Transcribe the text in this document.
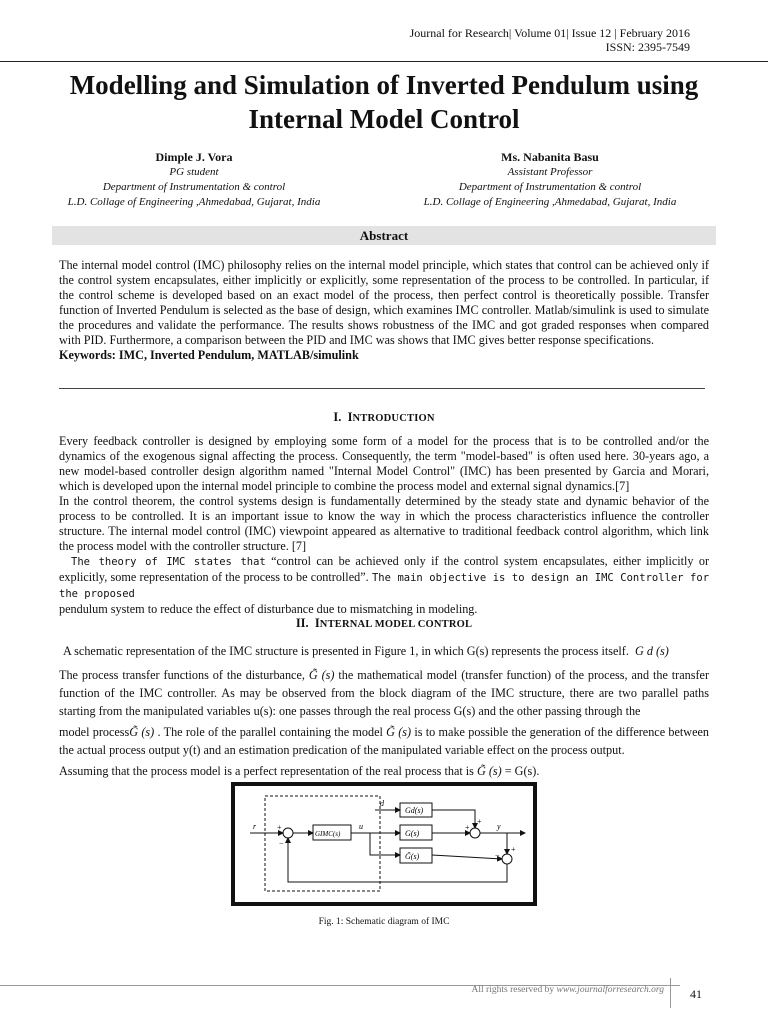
Journal for Research| Volume 01| Issue 12 | February 2016
ISSN: 2395-7549
Modelling and Simulation of Inverted Pendulum using Internal Model Control
Dimple J. Vora
PG student
Department of Instrumentation & control
L.D. Collage of Engineering ,Ahmedabad, Gujarat, India
Ms. Nabanita Basu
Assistant Professor
Department of Instrumentation & control
L.D. Collage of Engineering ,Ahmedabad, Gujarat, India
Abstract

The internal model control (IMC) philosophy relies on the internal model principle, which states that control can be achieved only if the control system encapsulates, either implicitly or explicitly, some representation of the process to be controlled. In particular, if the control scheme is developed based on an exact model of the process, then perfect control is theoretically possible. Transfer function of Inverted Pendulum is selected as the base of design, which examines IMC controller. Matlab/simulink is used to simulate the procedures and validate the performance. The results shows robustness of the IMC and got graded responses when compared with PID. Furthermore, a comparison between the PID and IMC was shows that IMC gives better response specifications.

Keywords: IMC, Inverted Pendulum, MATLAB/simulink

I. INTRODUCTION

Every feedback controller is designed by employing some form of a model for the process that is to be controlled and/or the dynamics of the exogenous signal affecting the process. Consequently, the term "model-based" is often used here. 30-years ago, a new model-based controller design algorithm named "Internal Model Control" (IMC) has been presented by Garcia and Morari, which is developed upon the internal model principle to combine the process model and external signal dynamics.[7]

In the control theorem, the control systems design is fundamentally determined by the steady state and dynamic behavior of the process to be controlled. It is an important issue to know the way in which the process characteristics influence the controller structure. The internal model control (IMC) viewpoint appeared as alternative to traditional feedback control algorithm, which link the process model with the controller structure. [7]

The theory of IMC states that “control can be achieved only if the control system encapsulates, either implicitly or explicitly, some representation of the process to be controlled”. The main objective is to design an IMC Controller for the proposed

pendulum system to reduce the effect of disturbance due to mismatching in modeling.

II. INTERNAL MODEL CONTROL

A schematic representation of the IMC structure is presented in Figure 1, in which G(s) represents the process itself. G d (s)

The process transfer functions of the disturbance, G̃ (s) the mathematical model (transfer function) of the process, and the transfer function of the IMC controller. As may be observed from the block diagram of the IMC structure, there are two parallel paths starting from the manipulated variables u(s): one passes through the real process G(s) and the other passing through the

model processG̃ (s) . The role of the parallel containing the model G̃ (s) is to make possible the generation of the difference between the actual process output y(t) and an estimation predication of the manipulated variable effect on the process output.

Assuming that the process model is a perfect representation of the real process that is G̃ (s) = G(s).

d
r	u	y
Gd(s)
GIMC(s)	G(s)
G̃(s)
+
−
+
+
−
+
Fig. 1: Schematic diagram of IMC
All rights reserved by www.journalforresearch.org 41
